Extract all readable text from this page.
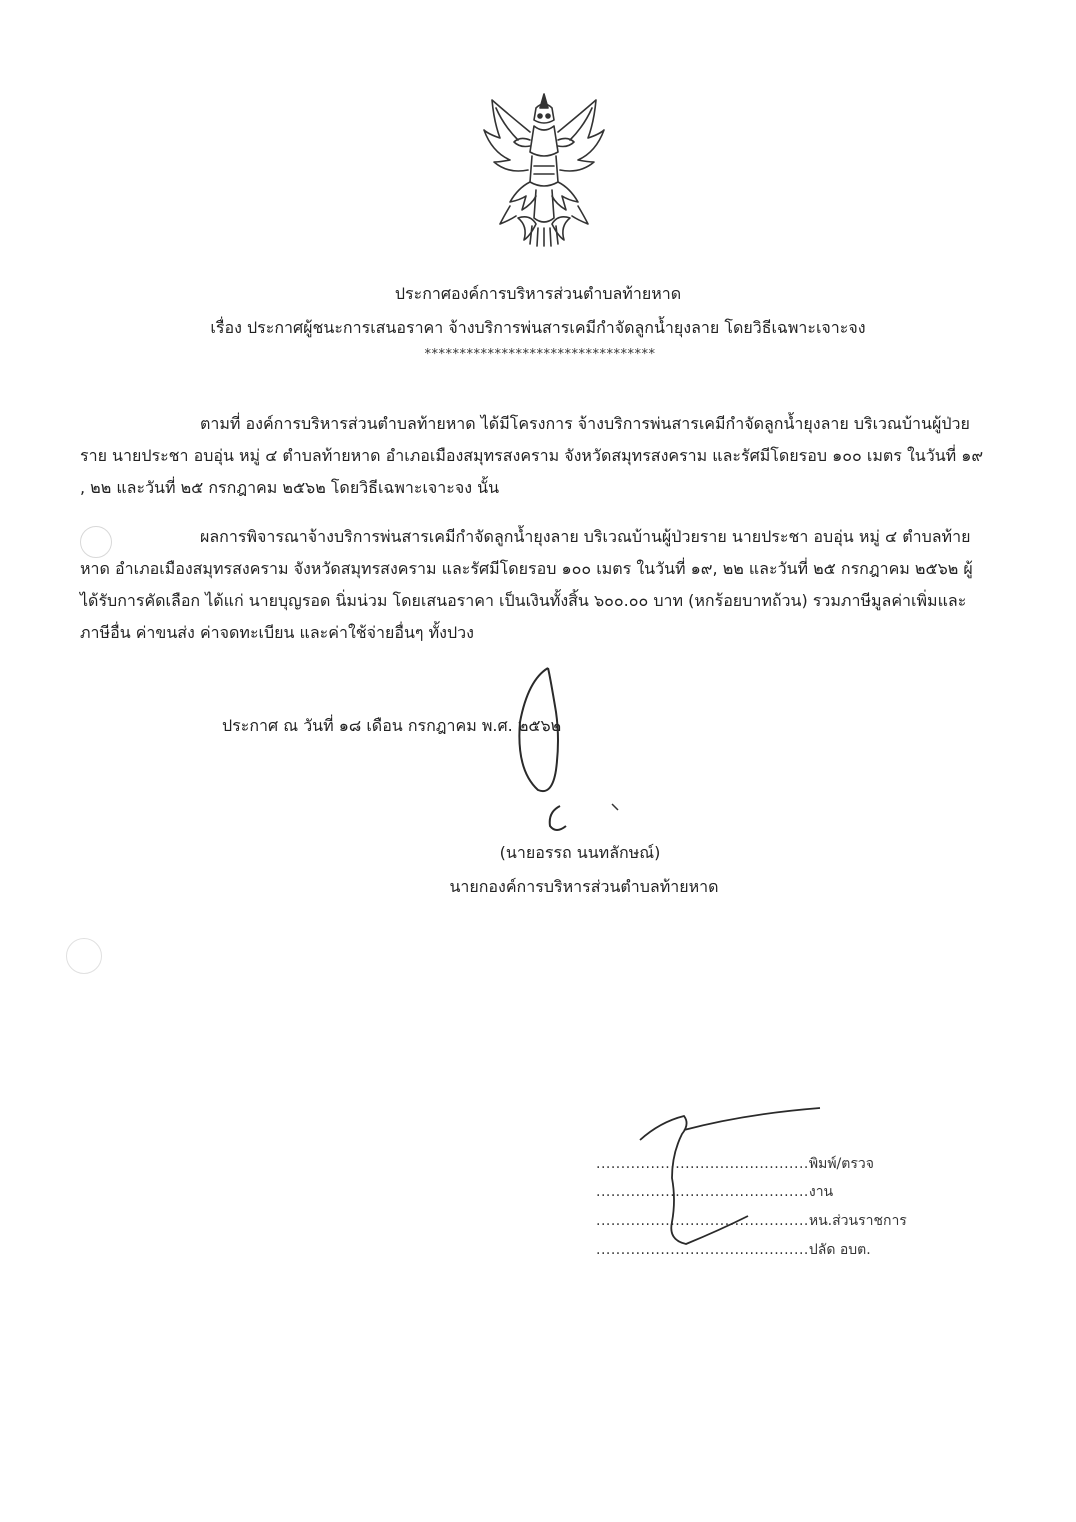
ประกาศองค์การบริหารส่วนตำบลท้ายหาด
เรื่อง ประกาศผู้ชนะการเสนอราคา จ้างบริการพ่นสารเคมีกำจัดลูกน้ำยุงลาย โดยวิธีเฉพาะเจาะจง
*********************************
ตามที่ องค์การบริหารส่วนตำบลท้ายหาด ได้มีโครงการ จ้างบริการพ่นสารเคมีกำจัดลูกน้ำยุงลาย บริเวณบ้านผู้ป่วยราย นายประชา อบอุ่น หมู่ ๔ ตำบลท้ายหาด อำเภอเมืองสมุทรสงคราม จังหวัดสมุทรสงคราม และรัศมีโดยรอบ ๑๐๐ เมตร ในวันที่ ๑๙ , ๒๒ และวันที่ ๒๕ กรกฎาคม ๒๕๖๒ โดยวิธีเฉพาะเจาะจง นั้น
ผลการพิจารณาจ้างบริการพ่นสารเคมีกำจัดลูกน้ำยุงลาย บริเวณบ้านผู้ป่วยราย นายประชา อบอุ่น หมู่ ๔ ตำบลท้ายหาด อำเภอเมืองสมุทรสงคราม จังหวัดสมุทรสงคราม และรัศมีโดยรอบ ๑๐๐ เมตร ในวันที่ ๑๙, ๒๒ และวันที่ ๒๕ กรกฎาคม ๒๕๖๒ ผู้ได้รับการคัดเลือก ได้แก่ นายบุญรอด นิ่มน่วม โดยเสนอราคา เป็นเงินทั้งสิ้น ๖๐๐.๐๐ บาท (หกร้อยบาทถ้วน) รวมภาษีมูลค่าเพิ่มและภาษีอื่น ค่าขนส่ง ค่าจดทะเบียน และค่าใช้จ่ายอื่นๆ ทั้งปวง
ประกาศ ณ วันที่ ๑๘ เดือน กรกฎาคม พ.ศ. ๒๕๖๒
(นายอรรถ นนทลักษณ์)
นายกองค์การบริหารส่วนตำบลท้ายหาด
...........................................พิมพ์/ตรวจ
...........................................งาน
...........................................หน.ส่วนราชการ
...........................................ปลัด อบต.
